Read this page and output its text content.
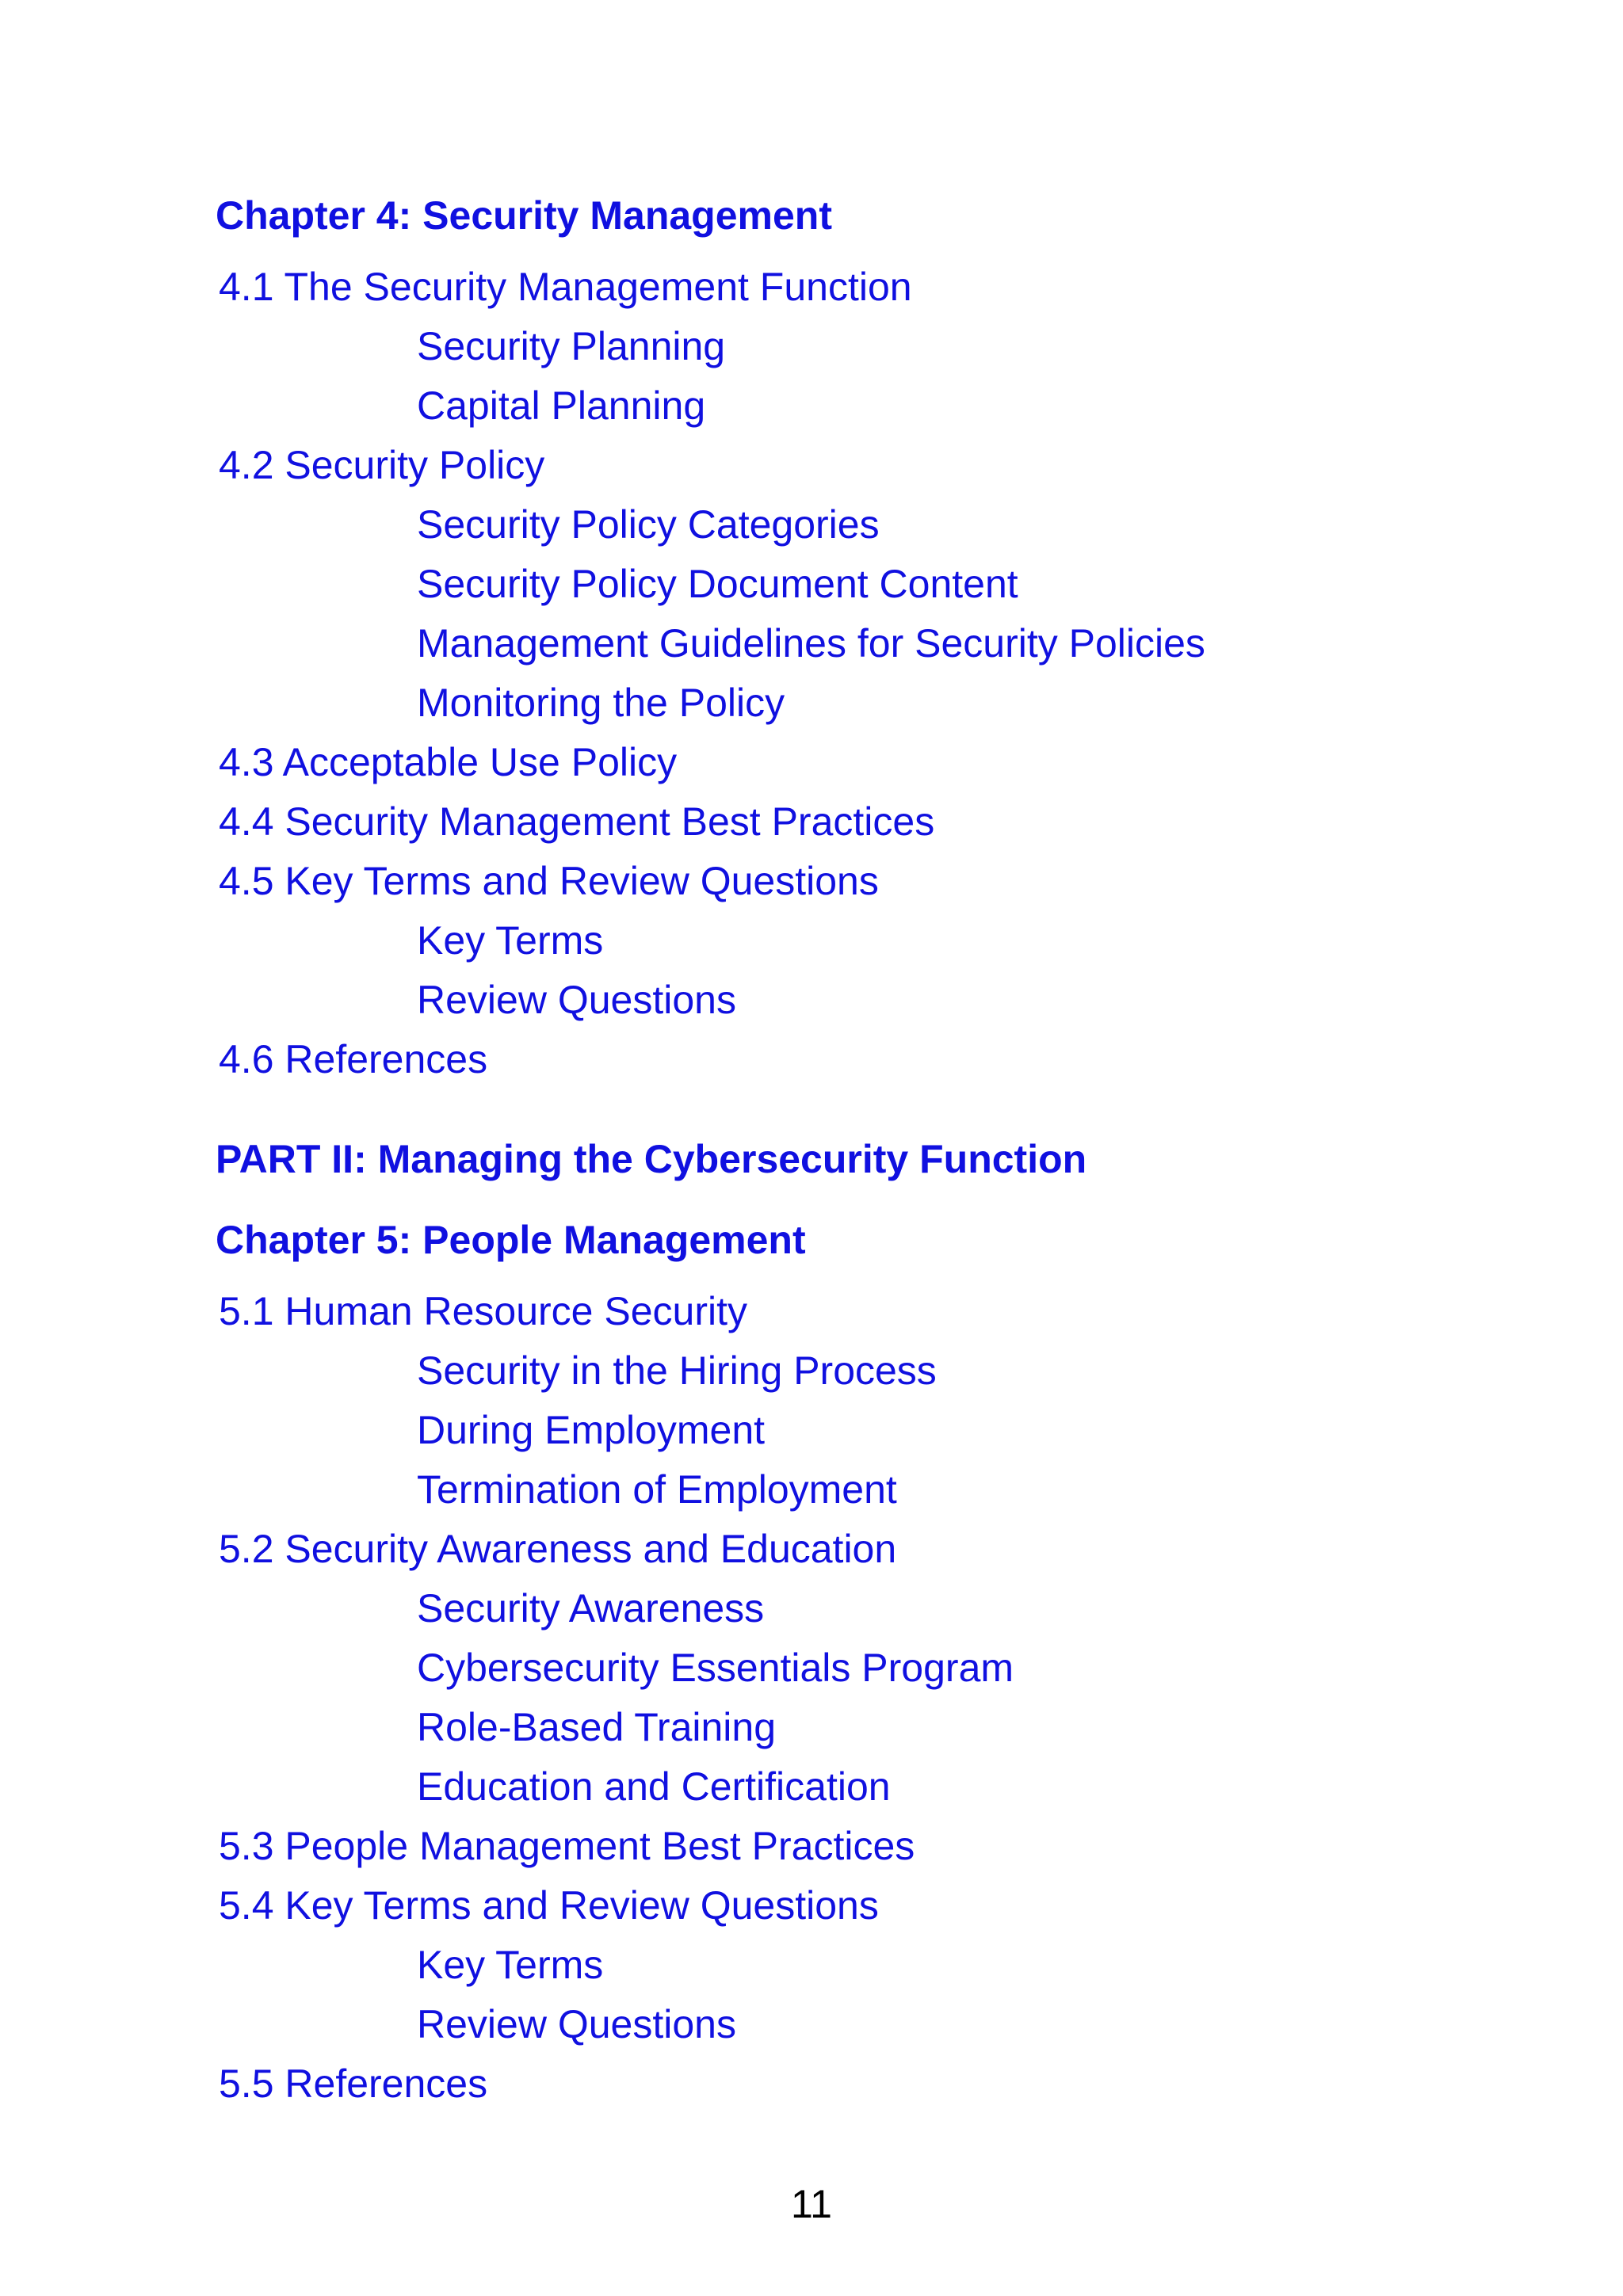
Chapter 4: Security Management
4.1 The Security Management Function
Security Planning
Capital Planning
4.2 Security Policy
Security Policy Categories
Security Policy Document Content
Management Guidelines for Security Policies
Monitoring the Policy
4.3 Acceptable Use Policy
4.4 Security Management Best Practices
4.5 Key Terms and Review Questions
Key Terms
Review Questions
4.6 References
PART II: Managing the Cybersecurity Function
Chapter 5: People Management
5.1 Human Resource Security
Security in the Hiring Process
During Employment
Termination of Employment
5.2 Security Awareness and Education
Security Awareness
Cybersecurity Essentials Program
Role-Based Training
Education and Certification
5.3 People Management Best Practices
5.4 Key Terms and Review Questions
Key Terms
Review Questions
5.5 References
11
